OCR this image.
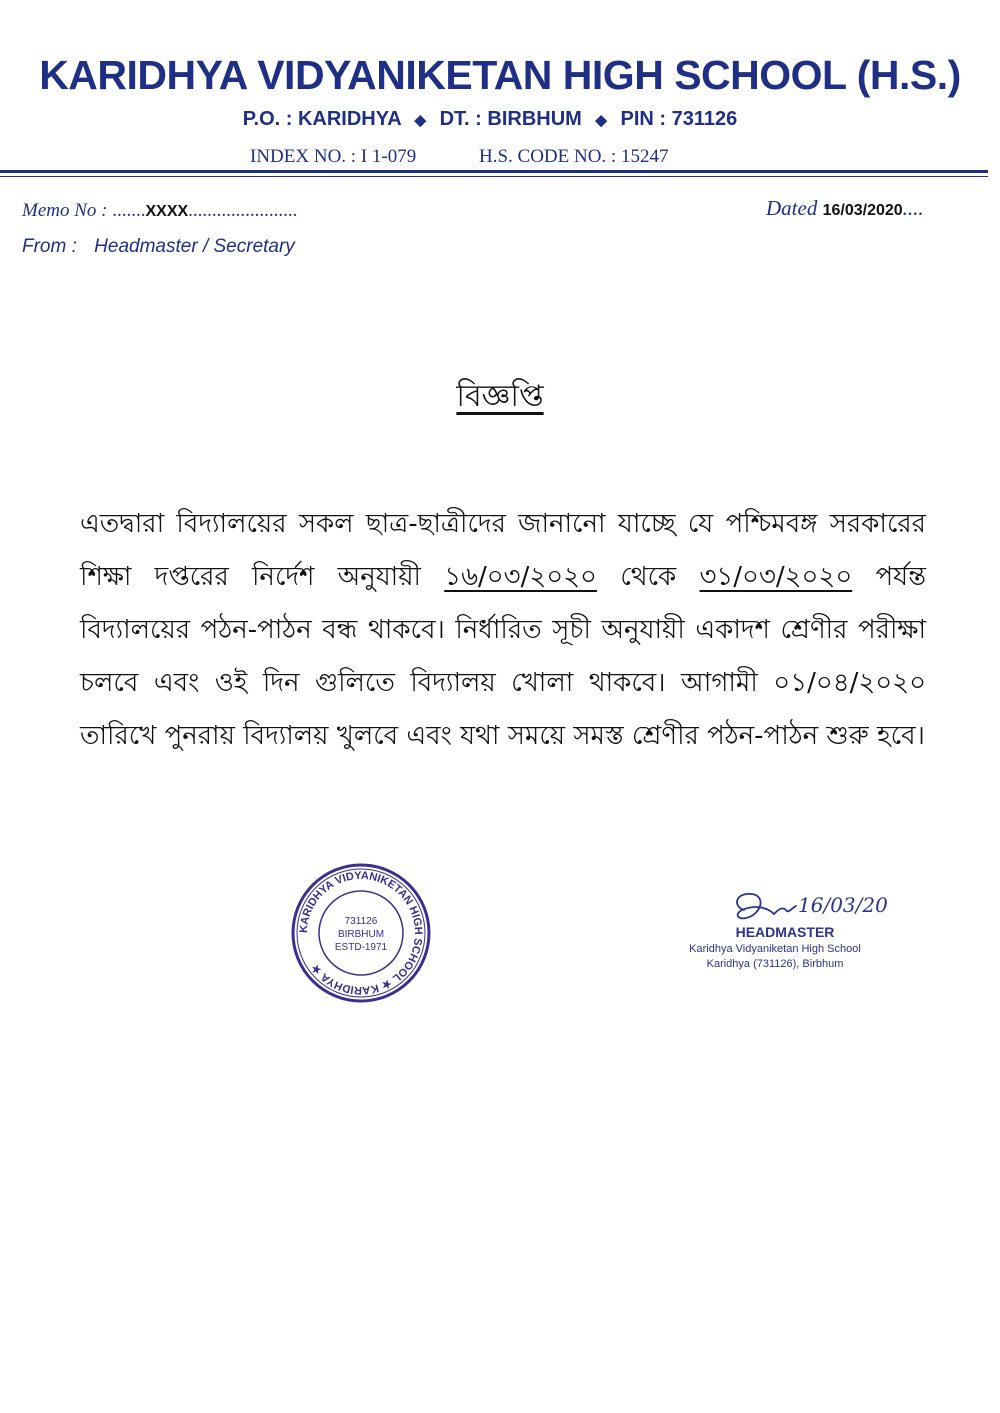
KARIDHYA VIDYANIKETAN HIGH SCHOOL (H.S.)
P.O. : KARIDHYA ◆ DT. : BIRBHUM ◆ PIN : 731126
INDEX NO. : I 1-079	H.S. CODE NO. : 15247
Memo No : .......XXXX.......................	Dated 16/03/2020....
From : Headmaster / Secretary
বিজ্ঞপ্তি
এতদ্বারা বিদ্যালয়ের সকল ছাত্র-ছাত্রীদের জানানো যাচ্ছে যে পশ্চিমবঙ্গ সরকারের শিক্ষা দপ্তরের নির্দেশ অনুযায়ী ১৬/০৩/২০২০ থেকে ৩১/০৩/২০২০ পর্যন্ত বিদ্যালয়ের পঠন-পাঠন বন্ধ থাকবে। নির্ধারিত সূচী অনুযায়ী একাদশ শ্রেণীর পরীক্ষা চলবে এবং ওই দিন গুলিতে বিদ্যালয় খোলা থাকবে। আগামী ০১/০৪/২০২০ তারিখে পুনরায় বিদ্যালয় খুলবে এবং যথা সময়ে সমস্ত শ্রেণীর পঠন-পাঠন শুরু হবে।
KARIDHYA VIDYANIKETAN HIGH SCHOOL ★ KARIDHYA ★
731126
BIRBHUM
ESTD-1971
16/03/20
HEADMASTER
Karidhya Vidyaniketan High School
Karidhya (731126), Birbhum
